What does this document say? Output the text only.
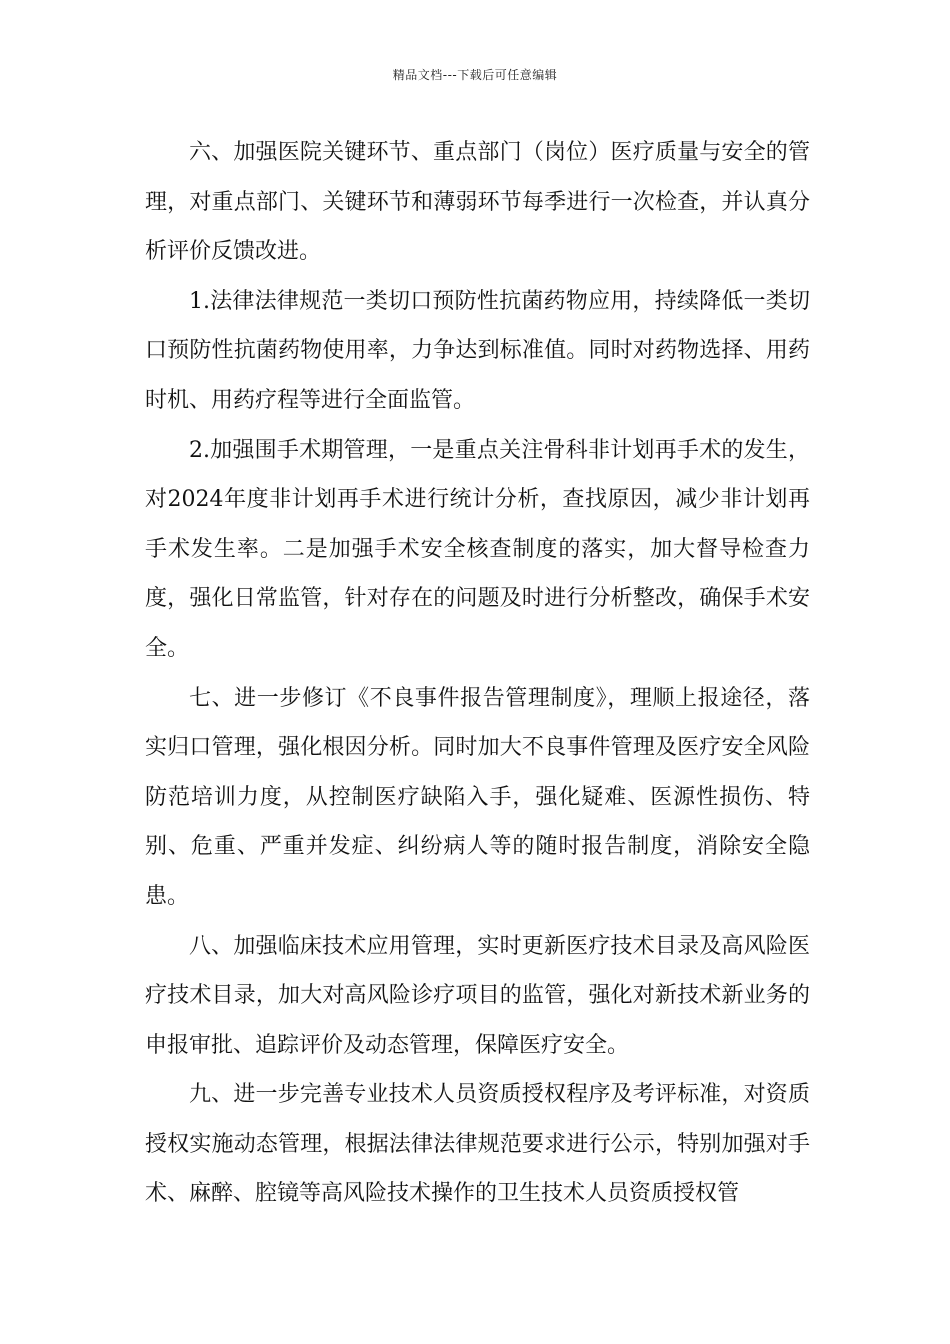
精品文档---下载后可任意编辑

六、加强医院关键环节、重点部门（岗位）医疗质量与安全的管理，对重点部门、关键环节和薄弱环节每季进行一次检查，并认真分析评价反馈改进。

1.法律法律规范一类切口预防性抗菌药物应用，持续降低一类切口预防性抗菌药物使用率，力争达到标准值。同时对药物选择、用药时机、用药疗程等进行全面监管。

2.加强围手术期管理，一是重点关注骨科非计划再手术的发生，对2024年度非计划再手术进行统计分析，查找原因，减少非计划再手术发生率。二是加强手术安全核查制度的落实，加大督导检查力度，强化日常监管，针对存在的问题及时进行分析整改，确保手术安全。

七、进一步修订《不良事件报告管理制度》，理顺上报途径，落实归口管理，强化根因分析。同时加大不良事件管理及医疗安全风险防范培训力度，从控制医疗缺陷入手，强化疑难、医源性损伤、特别、危重、严重并发症、纠纷病人等的随时报告制度，消除安全隐患。

八、加强临床技术应用管理，实时更新医疗技术目录及高风险医疗技术目录，加大对高风险诊疗项目的监管，强化对新技术新业务的申报审批、追踪评价及动态管理，保障医疗安全。

九、进一步完善专业技术人员资质授权程序及考评标准，对资质授权实施动态管理，根据法律法律规范要求进行公示，特别加强对手术、麻醉、腔镜等高风险技术操作的卫生技术人员资质授权管
